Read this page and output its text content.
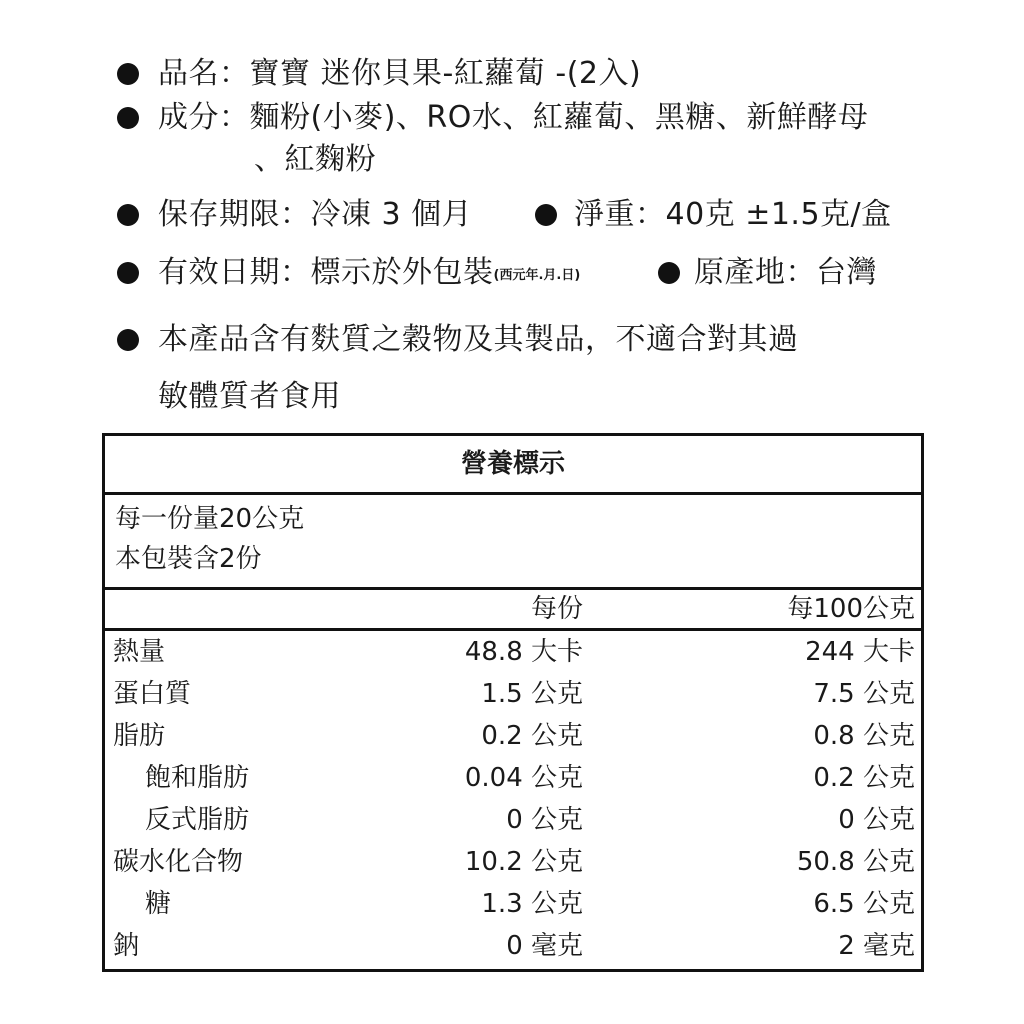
品名：寶寶 迷你貝果-紅蘿蔔 -(2入)
成分：麵粉(小麥)、RO水、紅蘿蔔、黑糖、新鮮酵母
、紅麴粉
保存期限：冷凍 3 個月	淨重：40克 ±1.5克/盒
有效日期：標示於外包裝(西元年.月.日)	原產地：台灣
本產品含有麩質之穀物及其製品，不適合對其過
敏體質者食用
營養標示
每一份量20公克
本包裝含2份
每份	每100公克
熱量	48.8 大卡	244 大卡
蛋白質	1.5 公克	7.5 公克
脂肪	0.2 公克	0.8 公克
飽和脂肪	0.04 公克	0.2 公克
反式脂肪	0 公克	0 公克
碳水化合物	10.2 公克	50.8 公克
糖	1.3 公克	6.5 公克
鈉	0 毫克	2 毫克
